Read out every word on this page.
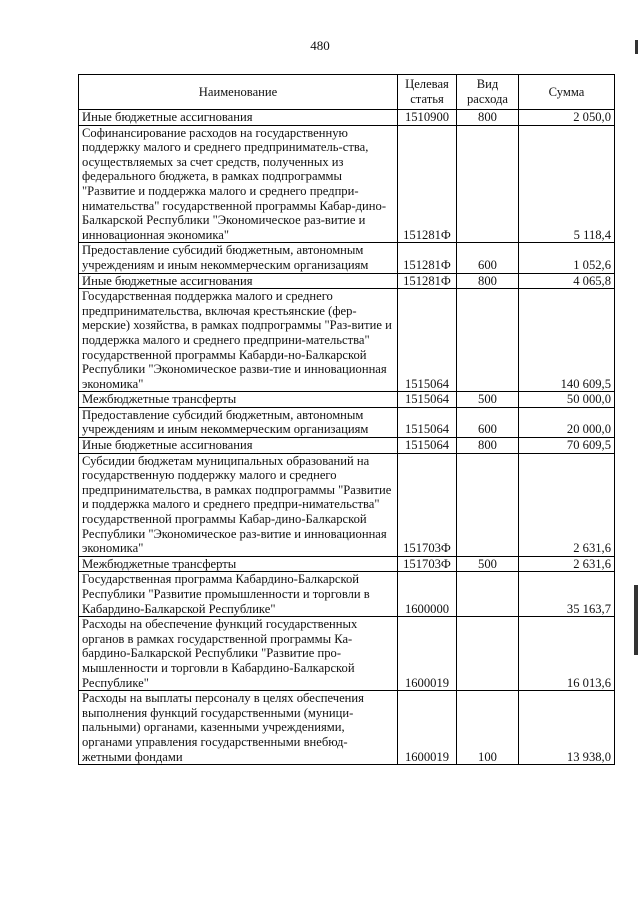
480
Наименование	Целевая статья	Вид расхода	Сумма
Иные бюджетные ассигнования	1510900	800	2 050,0
Софинансирование расходов на государственную поддержку малого и среднего предприниматель-ства, осуществляемых за счет средств, полученных из федерального бюджета, в рамках подпрограммы "Развитие и поддержка малого и среднего предпри-нимательства" государственной программы Кабар-дино-Балкарской Республики "Экономическое раз-витие и инновационная экономика"	151281Ф		5 118,4
Предоставление субсидий бюджетным, автономным учреждениям и иным некоммерческим организациям	151281Ф	600	1 052,6
Иные бюджетные ассигнования	151281Ф	800	4 065,8
Государственная поддержка малого и среднего предпринимательства, включая крестьянские (фер-мерские) хозяйства, в рамках подпрограммы "Раз-витие и поддержка малого и среднего предприни-мательства" государственной программы Кабарди-но-Балкарской Республики "Экономическое разви-тие и инновационная экономика"	1515064		140 609,5
Межбюджетные трансферты	1515064	500	50 000,0
Предоставление субсидий бюджетным, автономным учреждениям и иным некоммерческим организациям	1515064	600	20 000,0
Иные бюджетные ассигнования	1515064	800	70 609,5
Субсидии бюджетам муниципальных образований на государственную поддержку малого и среднего предпринимательства, в рамках подпрограммы "Развитие и поддержка малого и среднего предпри-нимательства" государственной программы Кабар-дино-Балкарской Республики "Экономическое раз-витие и инновационная экономика"	151703Ф		2 631,6
Межбюджетные трансферты	151703Ф	500	2 631,6
Государственная программа Кабардино-Балкарской Республики "Развитие промышленности и торговли в Кабардино-Балкарской Республике"	1600000		35 163,7
Расходы на обеспечение функций государственных органов в рамках государственной программы Ка-бардино-Балкарской Республики "Развитие про-мышленности и торговли в Кабардино-Балкарской Республике"	1600019		16 013,6
Расходы на выплаты персоналу в целях обеспечения выполнения функций государственными (муници-пальными) органами, казенными учреждениями, органами управления государственными внебюд-жетными фондами	1600019	100	13 938,0
